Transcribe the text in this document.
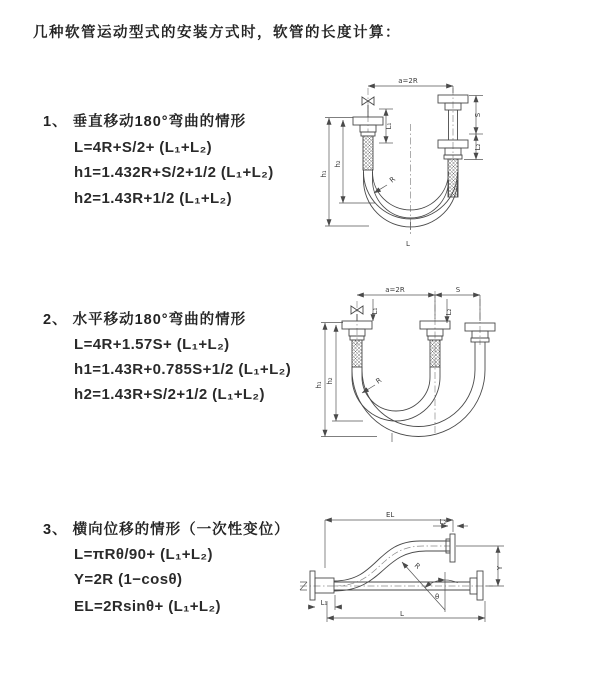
几种软管运动型式的安装方式时，软管的长度计算：
1、 垂直移动180°弯曲的情形
L=4R+S/2+ (L₁+L₂)
h1=1.432R+S/2+1/2 (L₁+L₂)
h2=1.43R+1/2 (L₁+L₂)
2、 水平移动180°弯曲的情形
L=4R+1.57S+ (L₁+L₂)
h1=1.43R+0.785S+1/2 (L₁+L₂)
h2=1.43R+S/2+1/2 (L₁+L₂)
3、 横向位移的情形（一次性变位）
L=πRθ/90+ (L₁+L₂)
Y=2R (1−cosθ)
EL=2Rsinθ+ (L₁+L₂)
a=2R
S
L₂
L₁
h₁
h₂
R
L
a=2R	S
L₁	L₂
h₁
h₂	R
EL
L₂
L₁
Y
R
θ
L
